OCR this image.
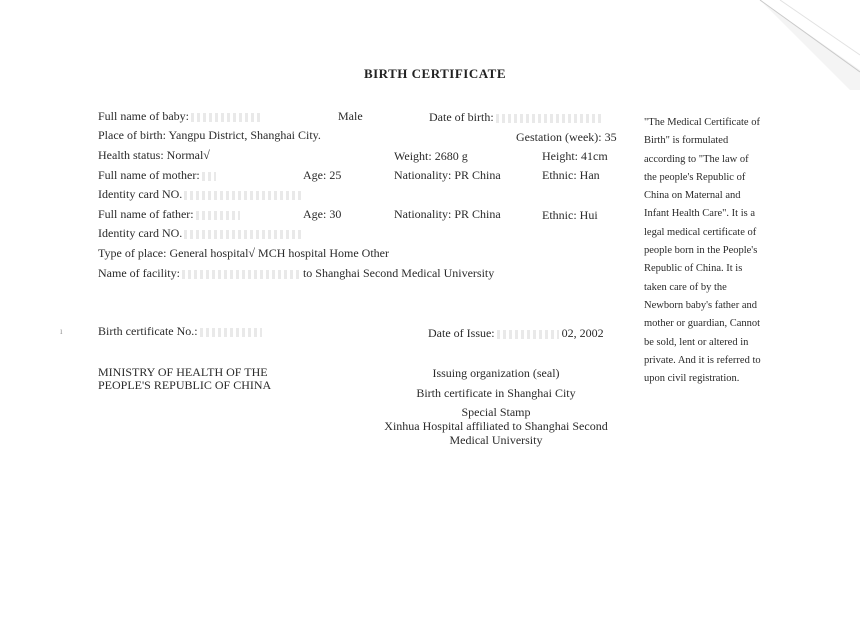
BIRTH CERTIFICATE
Full name of baby:	Male	Date of birth:
Place of birth: Yangpu District, Shanghai City.	Gestation (week): 35
Health status: Normal√	Weight: 2680 g	Height: 41cm
Full name of mother:	Age: 25	Nationality: PR China	Ethnic: Han
Identity card NO.
Full name of father:	Age: 30	Nationality: PR China	Ethnic: Hui
Identity card NO.
Type of place: General hospital√ MCH hospital Home Other
Name of facility:	to Shanghai Second Medical University
ı	Birth certificate No.:	Date of Issue:	02, 2002
MINISTRY OF HEALTH OF THE
PEOPLE'S REPUBLIC OF CHINA
Issuing organization (seal)
Birth certificate in Shanghai City
Special Stamp
Xinhua Hospital affiliated to Shanghai Second
Medical University
"The Medical Certificate of
Birth" is formulated
according to "The law of
the people's Republic of
China on Maternal and
Infant Health Care". It is a
legal medical certificate of
people born in the People's
Republic of China. It is
taken care of by the
Newborn baby's father and
mother or guardian, Cannot
be sold, lent or altered in
private. And it is referred to
upon civil registration.
